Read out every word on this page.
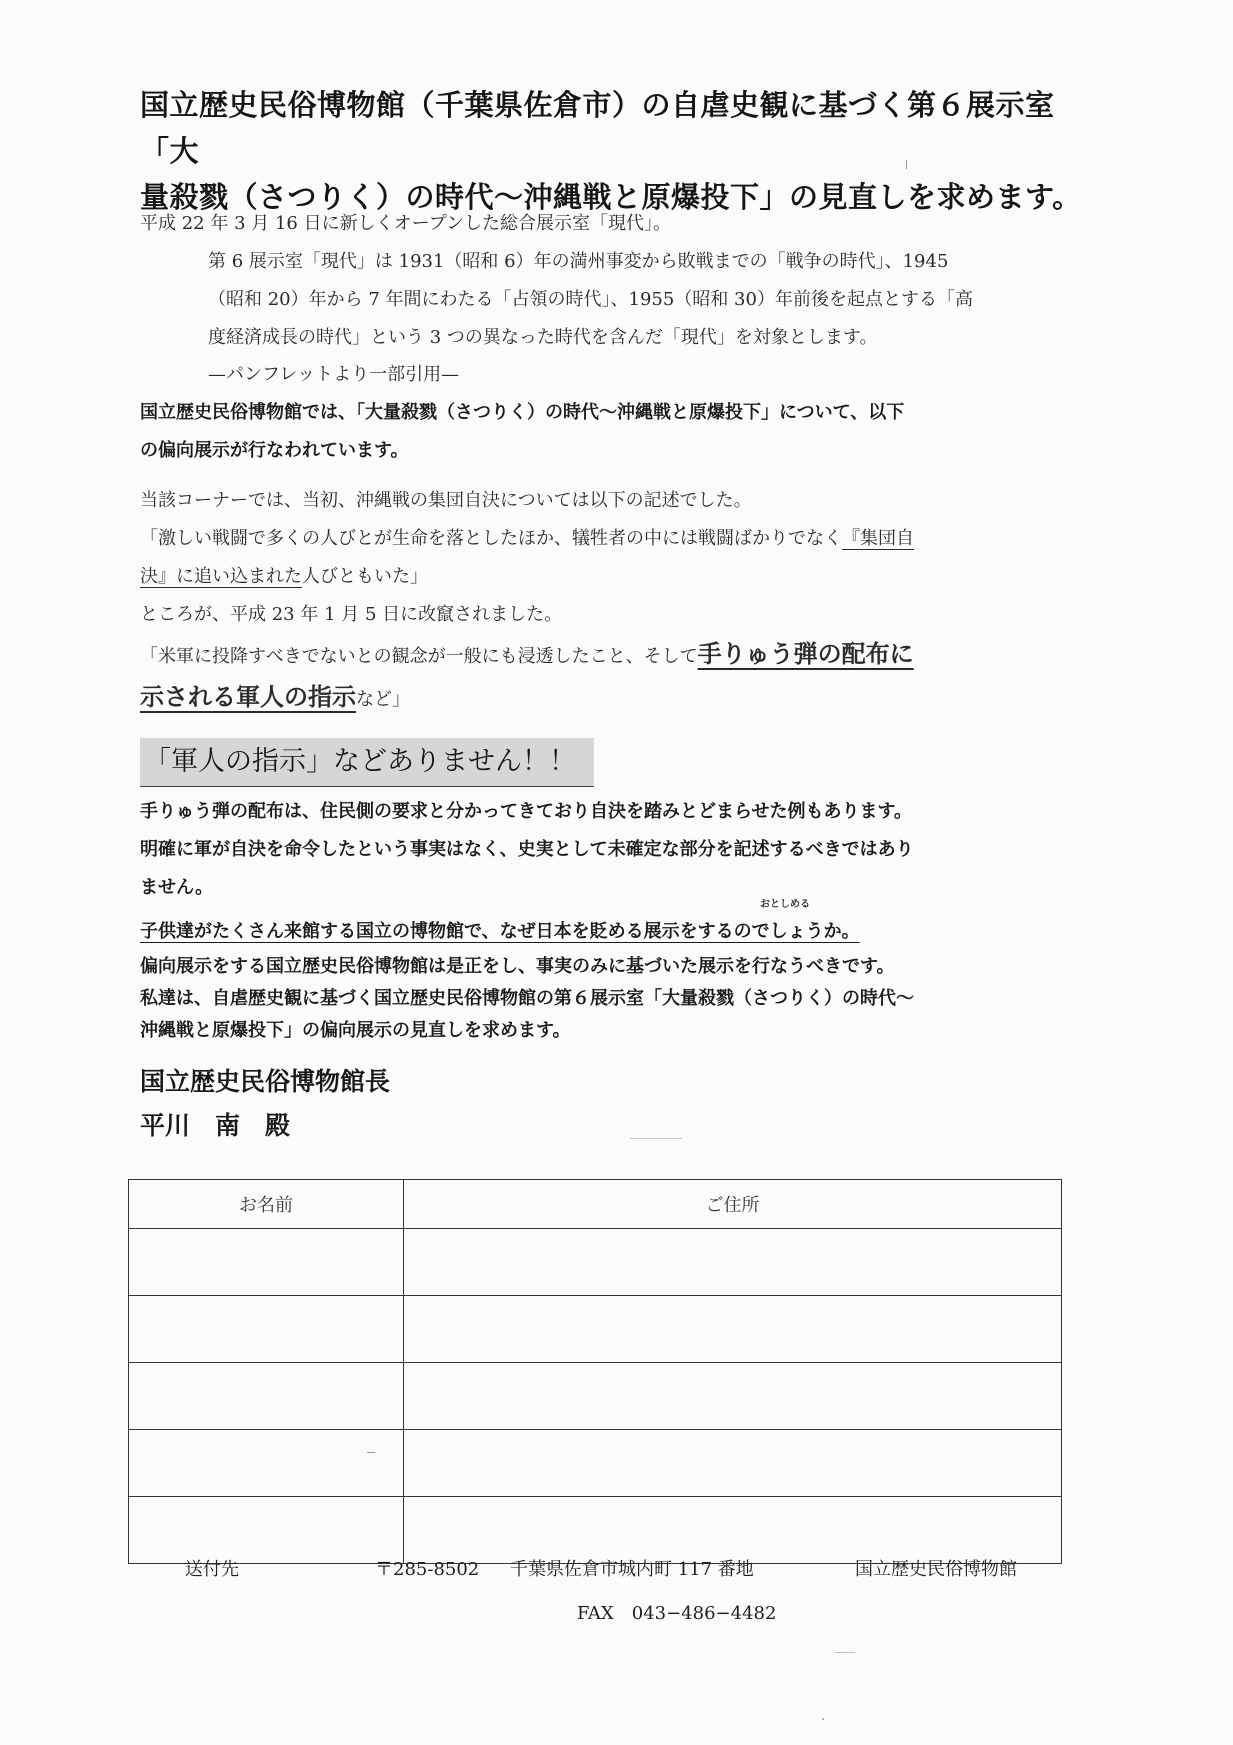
国立歴史民俗博物館（千葉県佐倉市）の自虐史観に基づく第６展示室「大
量殺戮（さつりく）の時代〜沖縄戦と原爆投下」の見直しを求めます。

平成 22 年 3 月 16 日に新しくオープンした総合展示室「現代」。

第 6 展示室「現代」は 1931（昭和 6）年の満州事変から敗戦までの「戦争の時代」、1945

（昭和 20）年から 7 年間にわたる「占領の時代」、1955（昭和 30）年前後を起点とする「高

度経済成長の時代」という 3 つの異なった時代を含んだ「現代」を対象とします。

—パンフレットより一部引用—

国立歴史民俗博物館では、「大量殺戮（さつりく）の時代〜沖縄戦と原爆投下」について、以下

の偏向展示が行なわれています。

当該コーナーでは、当初、沖縄戦の集団自決については以下の記述でした。

「激しい戦闘で多くの人びとが生命を落としたほか、犠牲者の中には戦闘ばかりでなく『集団自

決』に追い込まれた人びともいた」

ところが、平成 23 年 1 月 5 日に改竄されました。

「米軍に投降すべきでないとの観念が一般にも浸透したこと、そして手りゅう弾の配布に

示される軍人の指示など」

「軍人の指示」などありません！！

手りゅう弾の配布は、住民側の要求と分かってきており自決を踏みとどまらせた例もあります。

明確に軍が自決を命令したという事実はなく、史実として未確定な部分を記述するべきではあり

ません。

おとしめる
子供達がたくさん来館する国立の博物館で、なぜ日本を貶める展示をするのでしょうか。

偏向展示をする国立歴史民俗博物館は是正をし、事実のみに基づいた展示を行なうべきです。

私達は、自虐歴史観に基づく国立歴史民俗博物館の第６展示室「大量殺戮（さつりく）の時代〜

沖縄戦と原爆投下」の偏向展示の見直しを求めます。

国立歴史民俗博物館長
平川　南　殿
お名前	ご住所

送付先	〒285-8502 千葉県佐倉市城内町 117 番地	国立歴史民俗博物館
FAX　043−486−4482
